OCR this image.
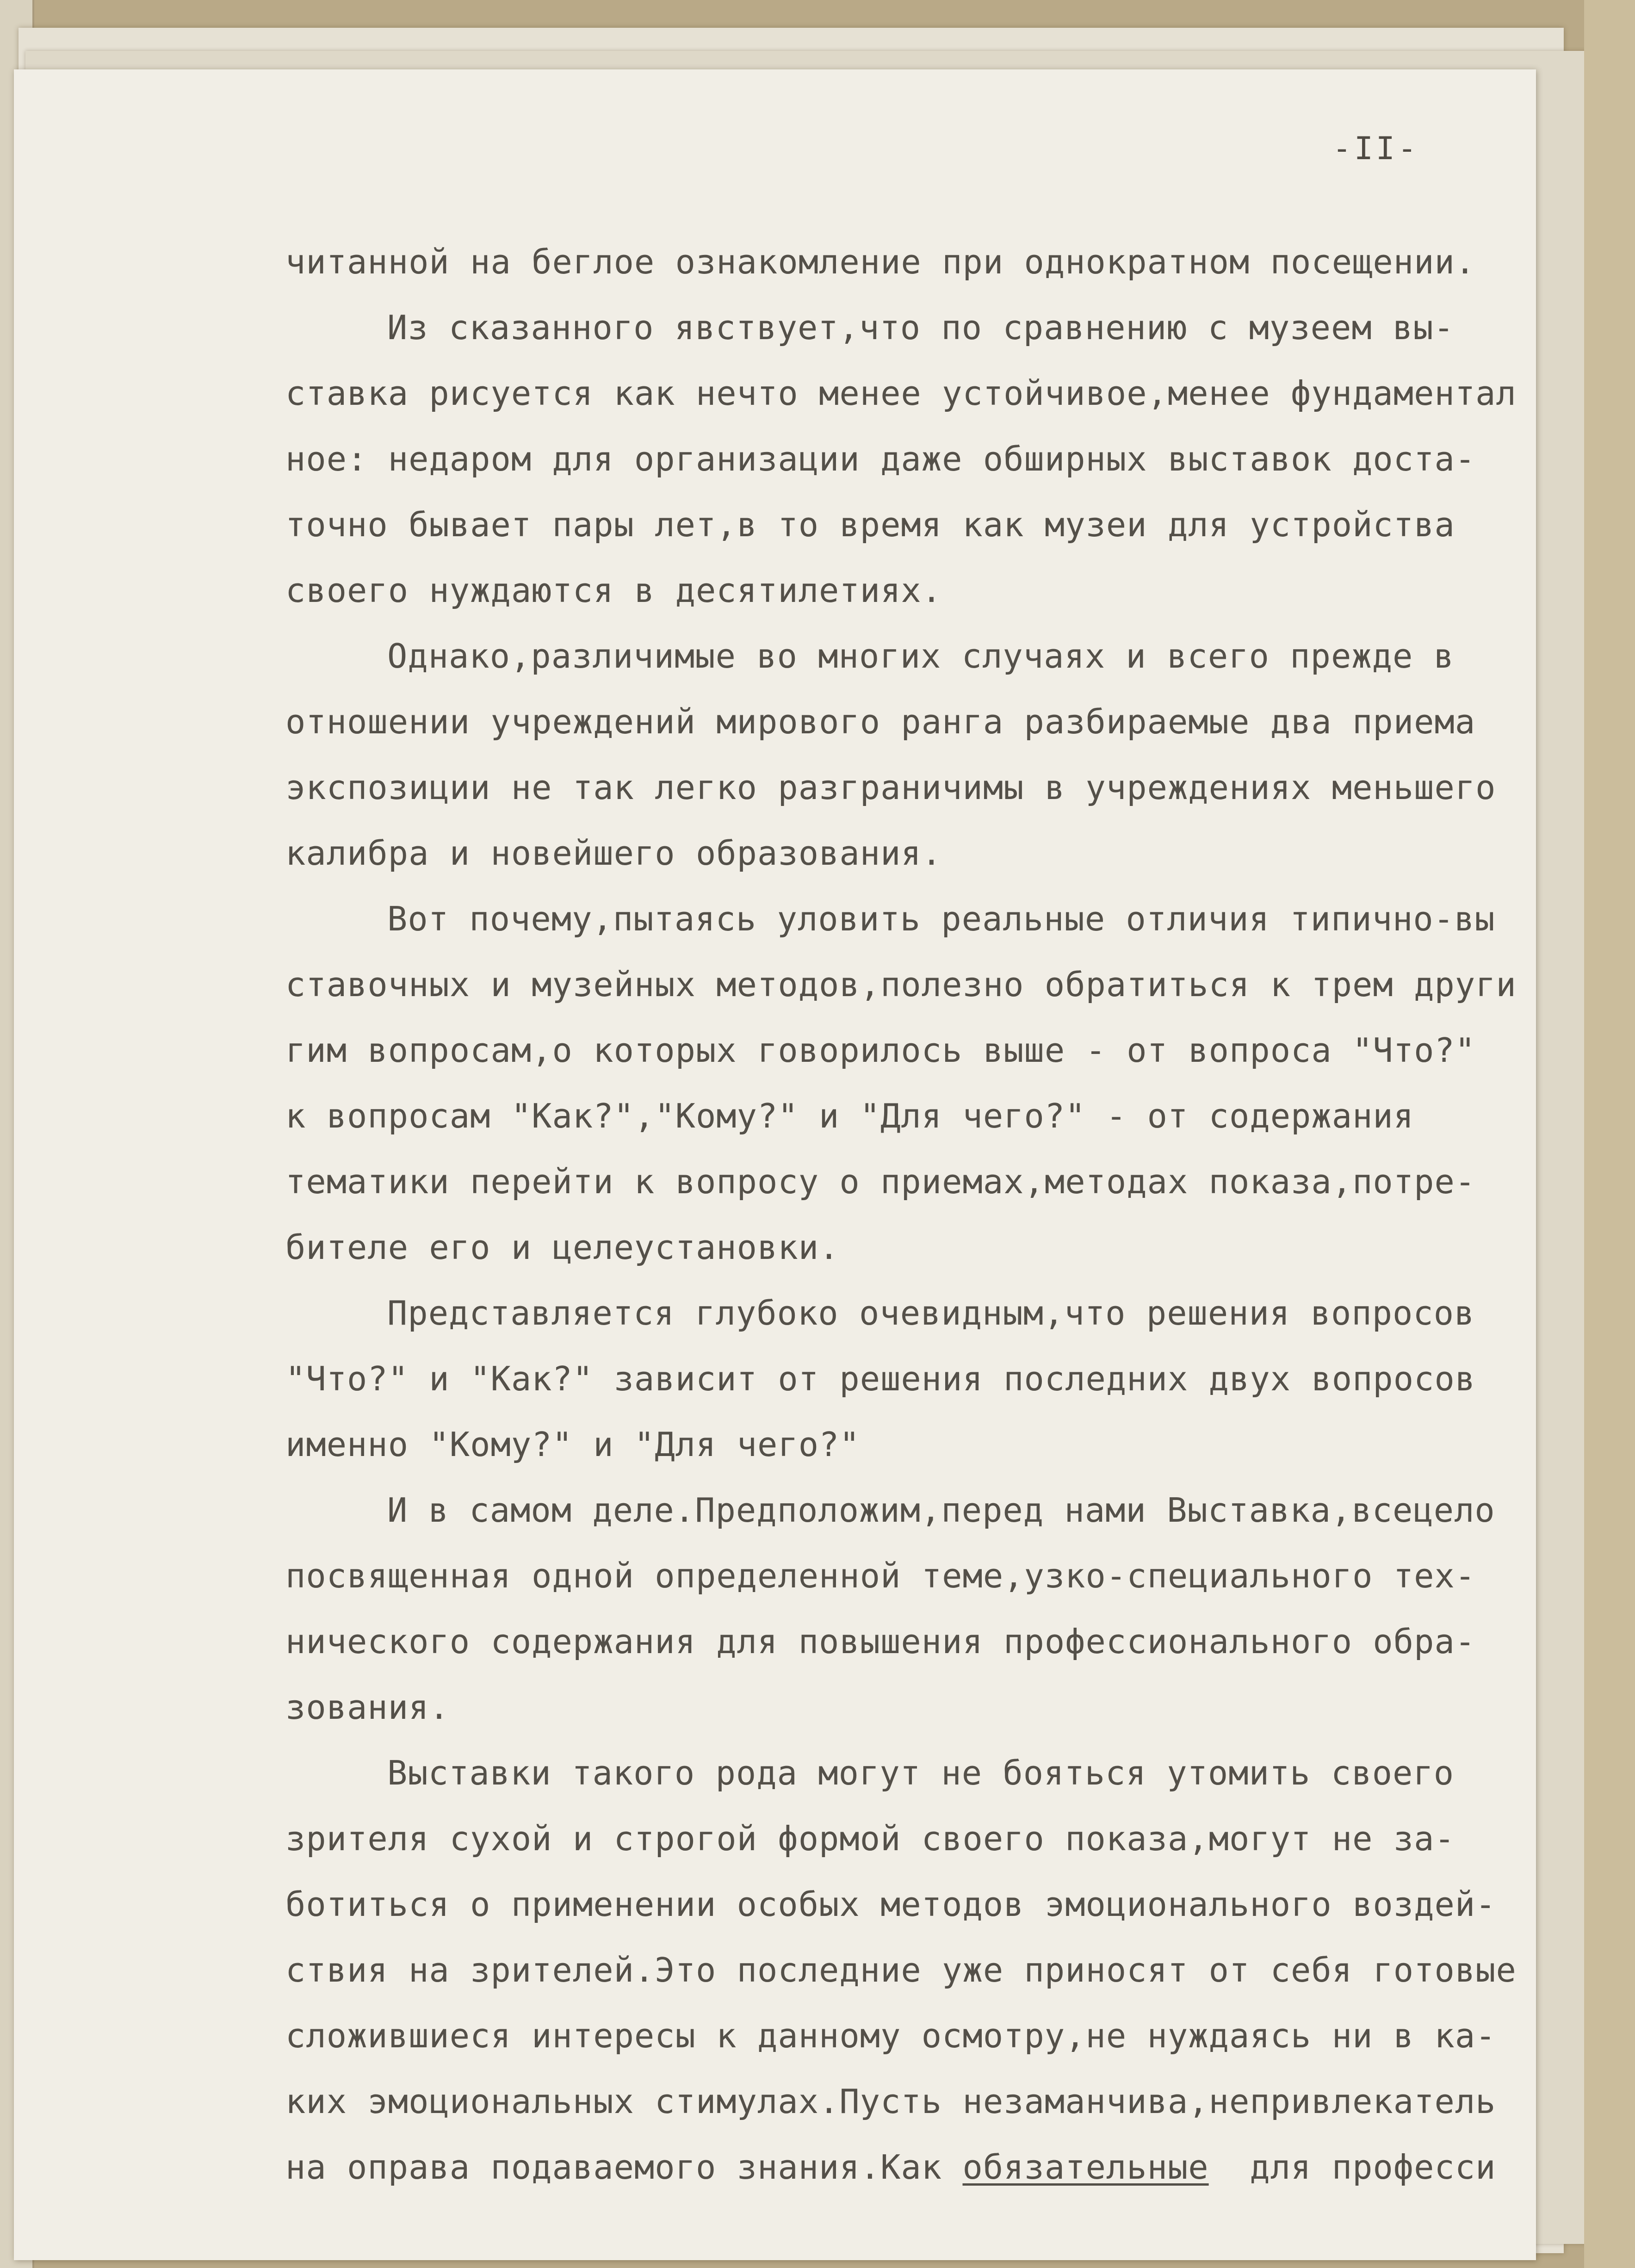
-II-
читанной на беглое ознакомление при однократном посещении.
Из сказанного явствует,что по сравнению с музеем вы-
ставка рисуется как нечто менее устойчивое,менее фундаментал
ное: недаром для организации даже обширных выставок доста-
точно бывает пары лет,в то время как музеи для устройства
своего нуждаются в десятилетиях.
Однако,различимые во многих случаях и всего прежде в
отношении учреждений мирового ранга разбираемые два приема
экспозиции не так легко разграничимы в учреждениях меньшего
калибра и новейшего образования.
Вот почему,пытаясь уловить реальные отличия типично-вы
ставочных и музейных методов,полезно обратиться к трем други
гим вопросам,о которых говорилось выше - от вопроса "Что?"
к вопросам "Как?","Кому?" и "Для чего?" - от содержания
тематики перейти к вопросу о приемах,методах показа,потре-
бителе его и целеустановки.
Представляется глубоко очевидным,что решения вопросов
"Что?" и "Как?" зависит от решения последних двух вопросов
именно "Кому?" и "Для чего?"
И в самом деле.Предположим,перед нами Выставка,всецело
посвященная одной определенной теме,узко-специального тех-
нического содержания для повышения профессионального обра-
зования.
Выставки такого рода могут не бояться утомить своего
зрителя сухой и строгой формой своего показа,могут не за-
ботиться о применении особых методов эмоционального воздей-
ствия на зрителей.Это последние уже приносят от себя готовые
сложившиеся интересы к данному осмотру,не нуждаясь ни в ка-
ких эмоциональных стимулах.Пусть незаманчива,непривлекатель
на оправа подаваемого знания.Как обязательные  для професси
